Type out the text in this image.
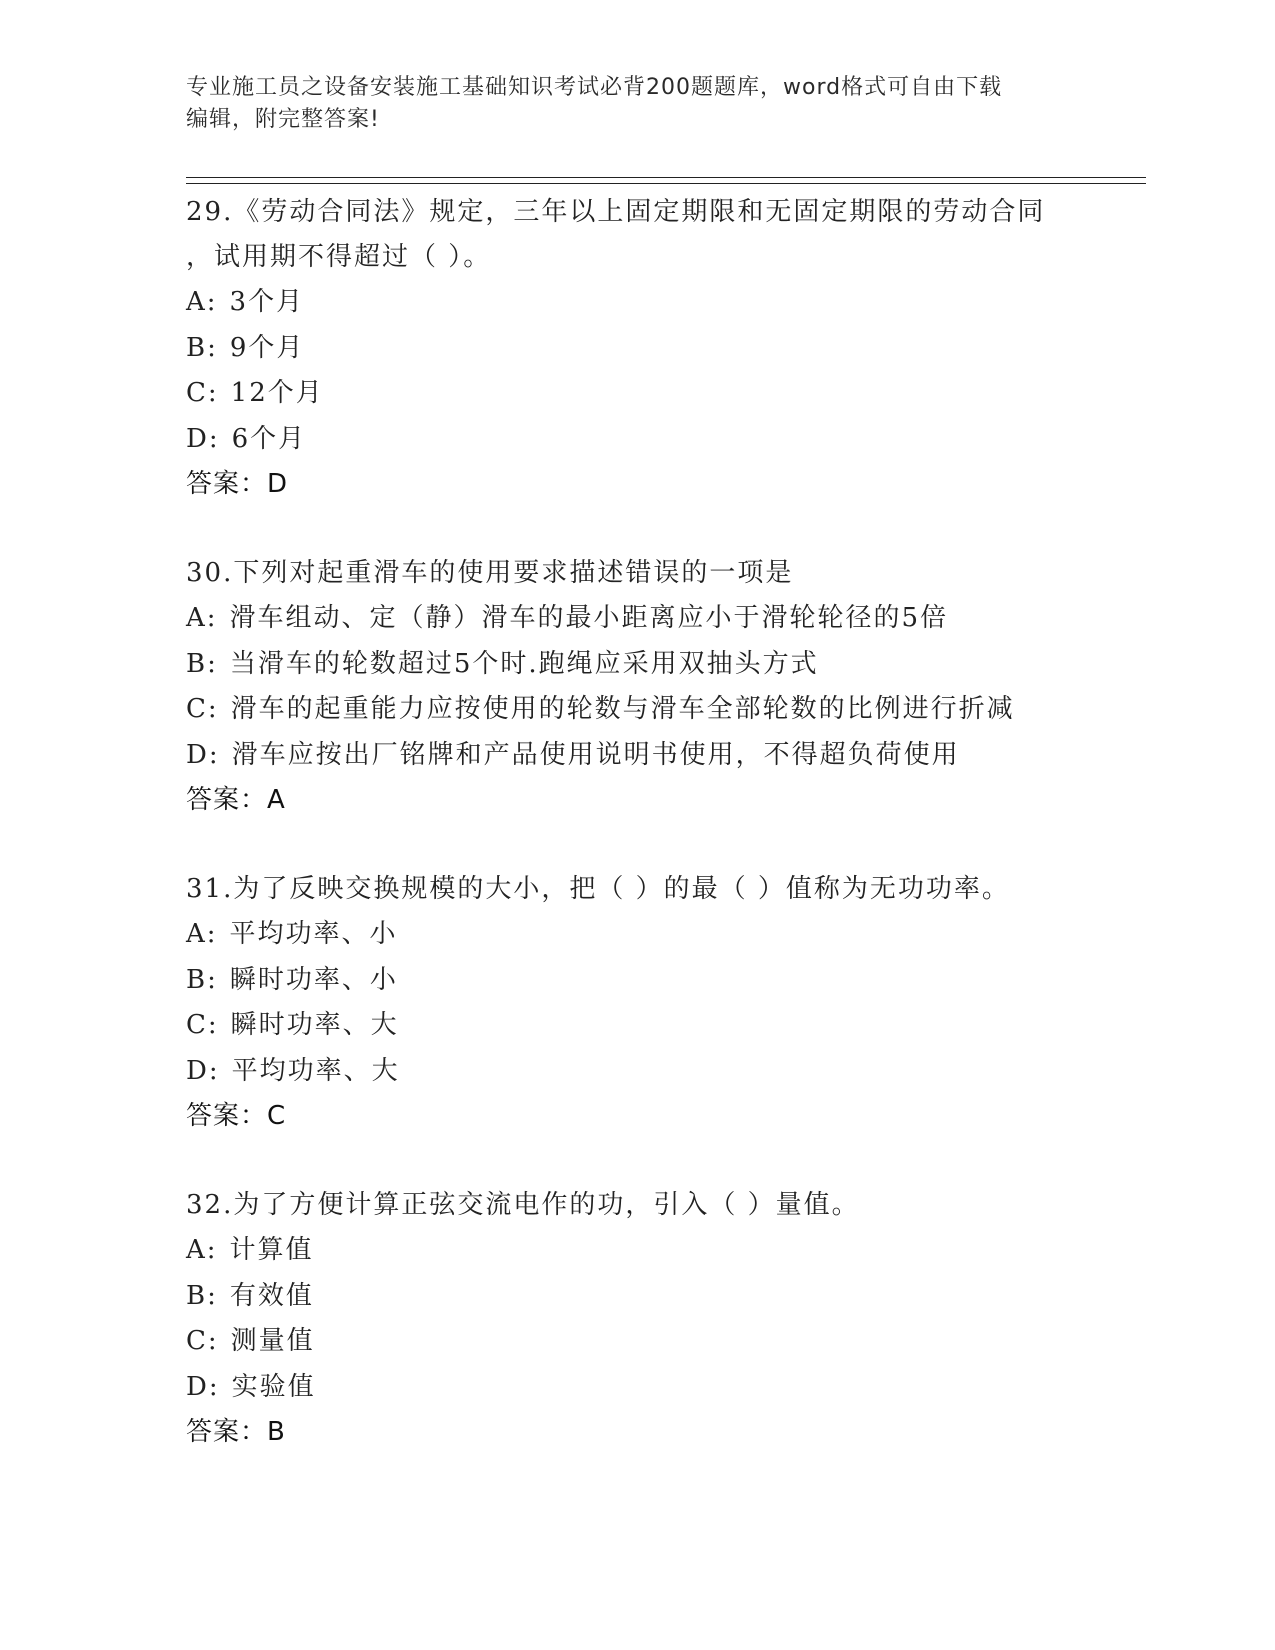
专业施工员之设备安装施工基础知识考试必背200题题库，word格式可自由下载

编辑，附完整答案!

29.《劳动合同法》规定，三年以上固定期限和无固定期限的劳动合同

，试用期不得超过（ ）。

A: 3个月

B: 9个月

C: 12个月

D: 6个月

答案：D

30.下列对起重滑车的使用要求描述错误的一项是

A: 滑车组动、定（静）滑车的最小距离应小于滑轮轮径的5倍

B: 当滑车的轮数超过5个时.跑绳应采用双抽头方式

C: 滑车的起重能力应按使用的轮数与滑车全部轮数的比例进行折减

D: 滑车应按出厂铭牌和产品使用说明书使用，不得超负荷使用

答案：A

31.为了反映交换规模的大小，把（ ）的最（ ）值称为无功功率。

A: 平均功率、小

B: 瞬时功率、小

C: 瞬时功率、大

D: 平均功率、大

答案：C

32.为了方便计算正弦交流电作的功，引入（ ）量值。

A: 计算值

B: 有效值

C: 测量值

D: 实验值

答案：B
